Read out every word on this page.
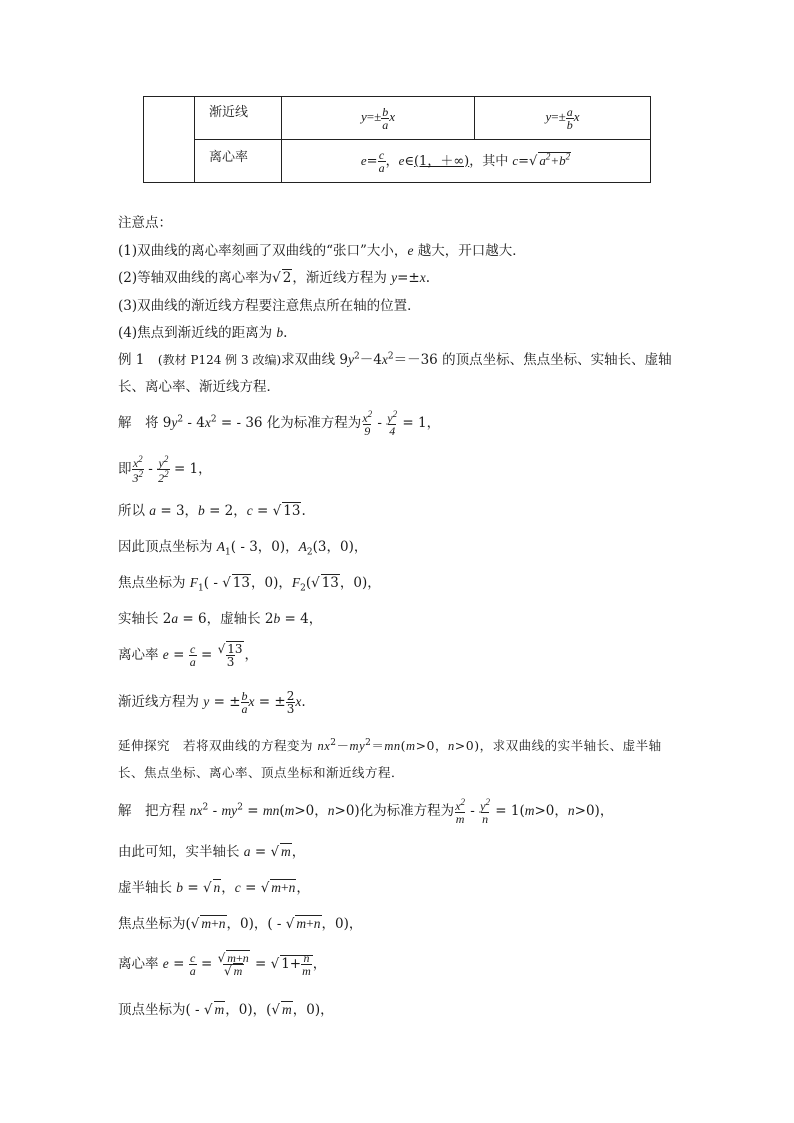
	渐近线	$y=\pm \frac{b}{a}$ x	$y=\pm \frac{a}{b}$ x
	离心率	$e= \frac{c}{a}$ ，e∈(1，＋∞)，其中 c=√ $a^2+b^2$
注意点：
(1)双曲线的离心率刻画了双曲线的“张口”大小，e 越大，开口越大．
(2)等轴双曲线的离心率为√ 2，渐近线方程为 y=±x.
(3)双曲线的渐近线方程要注意焦点所在轴的位置．
(4)焦点到渐近线的距离为 b.
例 1　(教材 P124 例 3 改编)求双曲线 $9y^2-4x^2=-36$ 的顶点坐标、焦点坐标、实轴长、虚轴
长、离心率、渐近线方程．
解　将 $9y^2 - 4x^2$ = - 36 化为标准方程为 $\frac{x^2}{9} - \frac{y^2}{4} = 1$，
即 $\frac{x^2}{3^2} - \frac{y^2}{2^2} = 1$，
所以 a = 3，b = 2，c = √ 13.
因此顶点坐标为 $A_1( - 3$，0)，$A_2(3$，0)，
焦点坐标为 $F_1$( - √ 13，0)，$F_2(√$ 13，0)，
实轴长 2a = 6，虚轴长 2b = 4，
离心率 $e = \frac{c}{a} = \frac{√ 13}{3}$ ，
渐近线方程为 y = ± $\frac{b}{a}$ x = ± $\frac{2}{3} x$.
延伸探究　若将双曲线的方程变为 $nx^2-my^2=mn(m>0$，n>0)，求双曲线的实半轴长、虚半轴
长、焦点坐标、离心率、顶点坐标和渐近线方程．
解　把方程 $nx^2 - my^2 = mn(m>0$，n>0)化为标准方程为 $\frac{x^2}{m} - \frac{y^2}{n} = 1(m>0$，n>0)，
由此可知，实半轴长 a = √ m，
虚半轴长 b = √ n，c = √ m+n，
焦点坐标为(√ m+n，0)，( - √ m+n，0)，
离心率 $e = \frac{c}{a} = \frac{√ m+n}{√ m}$ = √ $1+ \frac{n}{m}$ ，
顶点坐标为( - √ m，0)，(√ m，0)，
